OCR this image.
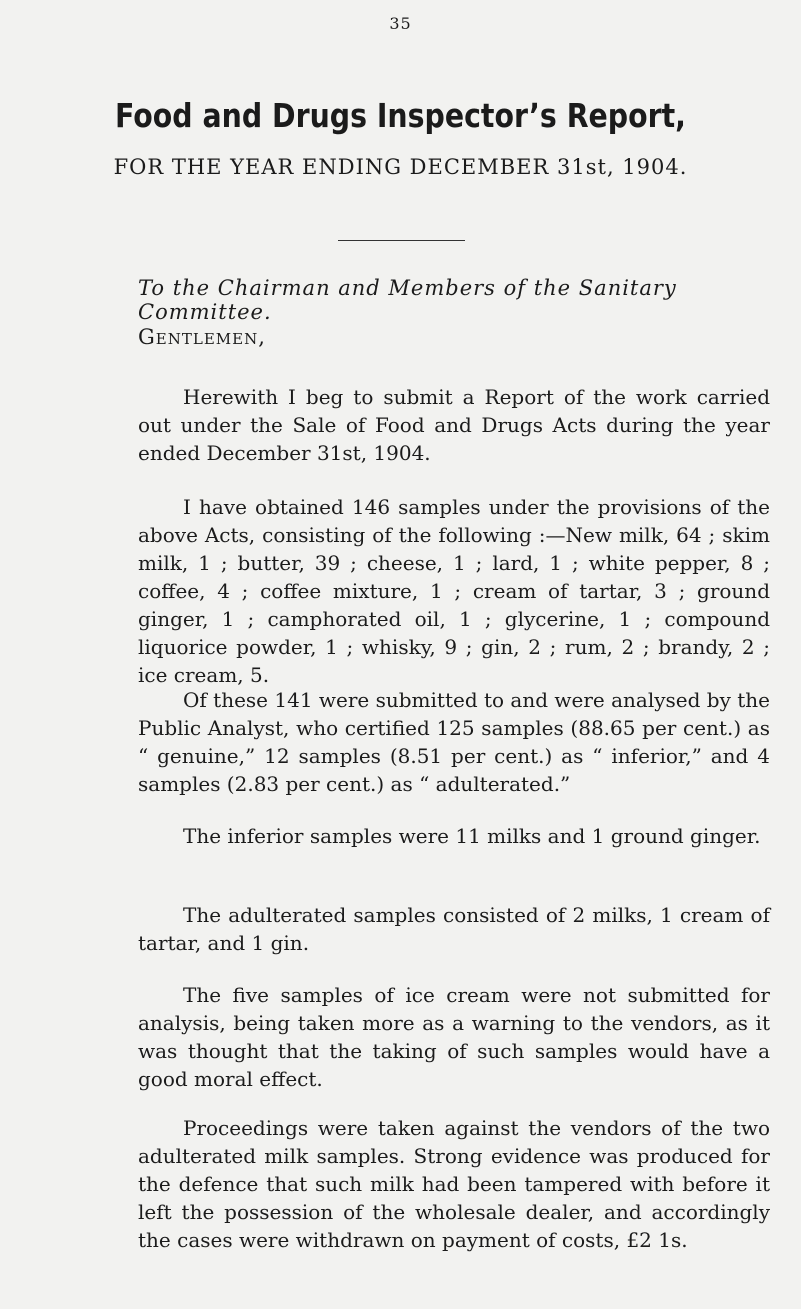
35
Food and Drugs Inspector’s Report,
FOR THE YEAR ENDING DECEMBER 31st, 1904.
To the Chairman and Members of the Sanitary Committee.
Gentlemen,

Herewith I beg to submit a Report of the work carried out under the Sale of Food and Drugs Acts during the year ended December 31st, 1904.

I have obtained 146 samples under the provisions of the above Acts, consisting of the following :—New milk, 64 ; skim milk, 1 ; butter, 39 ; cheese, 1 ; lard, 1 ; white pepper, 8 ; coffee, 4 ; coffee mixture, 1 ; cream of tartar, 3 ; ground ginger, 1 ; camphorated oil, 1 ; glycerine, 1 ; compound liquorice powder, 1 ; whisky, 9 ; gin, 2 ; rum, 2 ; brandy, 2 ; ice cream, 5.

Of these 141 were submitted to and were analysed by the Public Analyst, who certified 125 samples (88.65 per cent.) as “ genuine,” 12 samples (8.51 per cent.) as “ inferior,” and 4 samples (2.83 per cent.) as “ adulterated.”

The inferior samples were 11 milks and 1 ground ginger.

The adulterated samples consisted of 2 milks, 1 cream of tartar, and 1 gin.

The five samples of ice cream were not submitted for analysis, being taken more as a warning to the vendors, as it was thought that the taking of such samples would have a good moral effect.

Proceedings were taken against the vendors of the two adulterated milk samples. Strong evidence was produced for the defence that such milk had been tampered with before it left the possession of the wholesale dealer, and accordingly the cases were withdrawn on payment of costs, £2 1s.
